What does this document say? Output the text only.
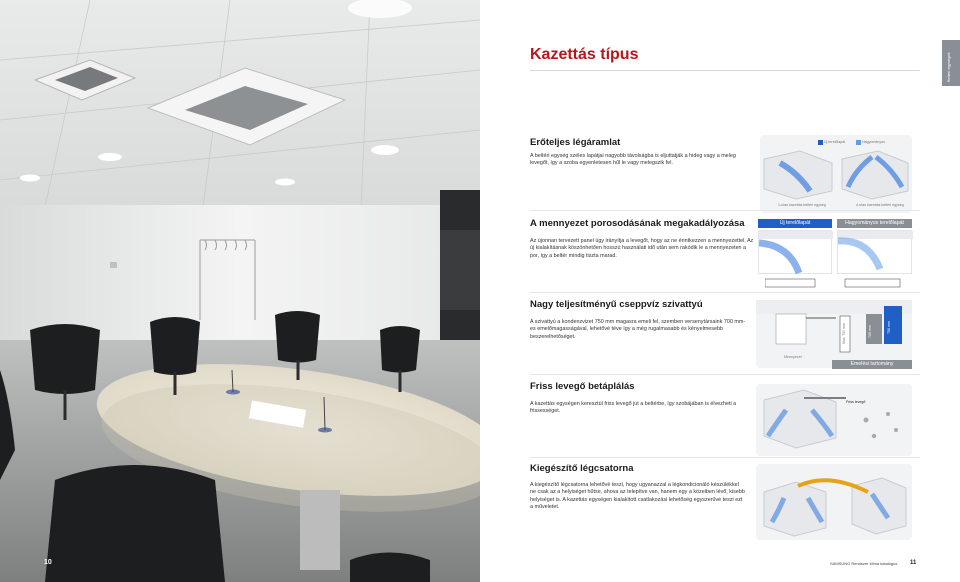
10
Kazettás típus	Beltéri egységek
Erőteljes légáramlat
A beltéri egység széles lapátjai nagyobb távolságba is eljuttatják a hideg vagy a meleg levegőt, így a szoba egyenletesen hűl le vagy melegszik fel.
Új terelőlapát	Hagyományos
1-utas kazettás beltéri egység	4-utas kazettás beltéri egység
A mennyezet porosodásának megakadályozása
Az újonnan tervezett panel úgy irányítja a levegőt, hogy az ne érintkezzen a mennyezettel. Az új kialakításnak köszönhetően hosszú használati idő után sem rakódik le a mennyezeten a por, így a beltér mindig tiszta marad.
Új terelőlapát	Hagyományos terelőlapát
Nagy teljesítményű cseppvíz szivattyú
A szivattyú a kondenzvizet 750 mm magasra emeli fel, szemben versenytársaink 700 mm-es emelőmagasságával, lehetővé téve így a még rugalmasabb és kényelmesebb beszerelhetőséget.	Max. 750 mm	700 mm	750 mm
Mennyezet
Emelési tartomány
Friss levegő betáplálás
A kazettás egységen keresztül friss levegő jut a beltérbe, így szobájában is élvezheti a frissességet.
Friss levegő
Kiegészítő légcsatorna
A kiegészítő légcsatorna lehetővé teszi, hogy ugyanazzal a légkondicionáló készülékkel ne csak az a helyiséget hűtse, ahova az telepítve van, hanem egy a közeiben lévő, kisebb helyiséget is. A kazettás egységen kialakított csatlakozási lehetőség egyszerűvé teszi ezt a műveletet.
SAMSUNG Rendszer klíma katalógus 11
